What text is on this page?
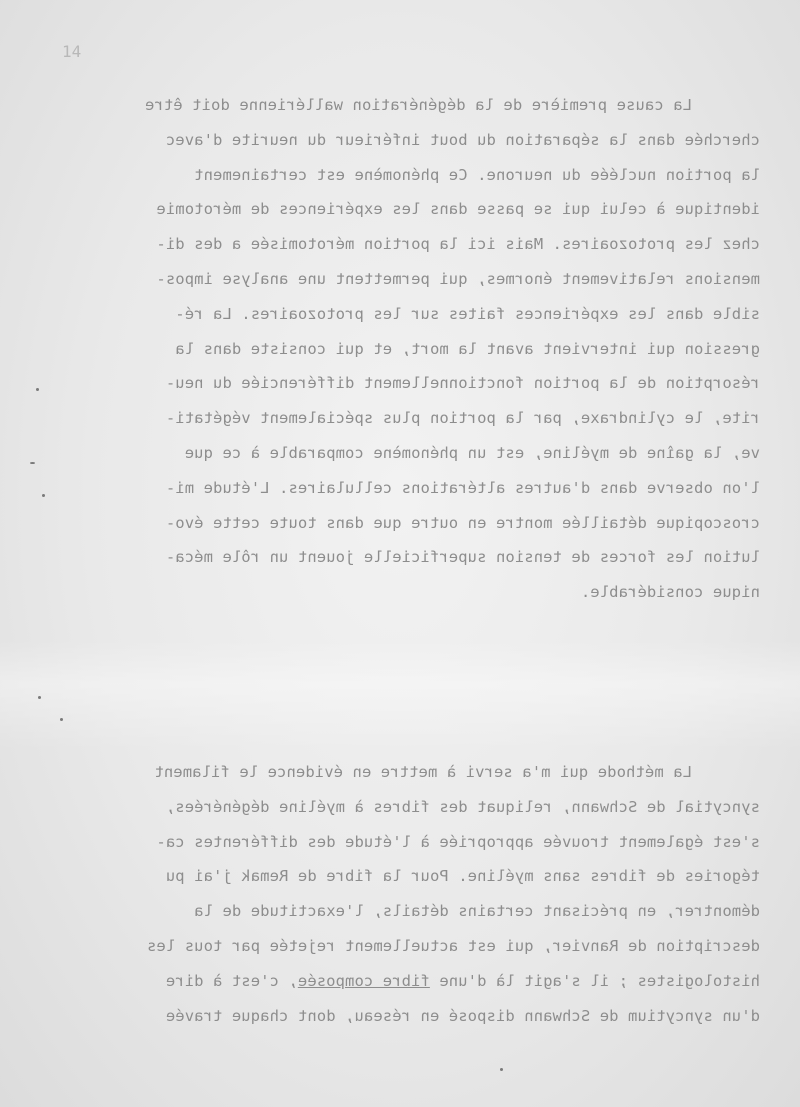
14
La cause première de la dégénération wallérienne doit être
cherchée dans la séparation du bout inférieur du neurite d'avec
la portion nucléée du neurone. Ce phénomène est certainement
identique à celui qui se passe dans les expériences de mérotomie
chez les protozoaires. Mais ici la portion mérotomisée a des di-
mensions relativement énormes, qui permettent une analyse impos-
sible dans les expériences faites sur les protozoaires. La ré-
gression qui intervient avant la mort, et qui consiste dans la
résorption de la portion fonctionnellement différenciée du neu-
rite, le cylindraxe, par la portion plus spécialement végétati-
ve, la gaîne de myéline, est un phénomène comparable à ce que
l'on observe dans d'autres altérations cellulaires. L'étude mi-
croscopique détaillée montre en outre que dans toute cette évo-
lution les forces de tension superficielle jouent un rôle méca-
nique considérable.
La méthode qui m'a servi à mettre en évidence le filament
syncytial de Schwann, reliquat des fibres à myéline dégénérées,
s'est également trouvée appropriée à l'étude des différentes ca-
tégories de fibres sans myéline. Pour la fibre de Remak j'ai pu
démontrer, en précisant certains détails, l'exactitude de la
description de Ranvier, qui est actuellement rejetée par tous les
histologistes ; il s'agit là d'une fibre composée, c'est à dire
d'un syncytium de Schwann disposé en réseau, dont chaque travée
